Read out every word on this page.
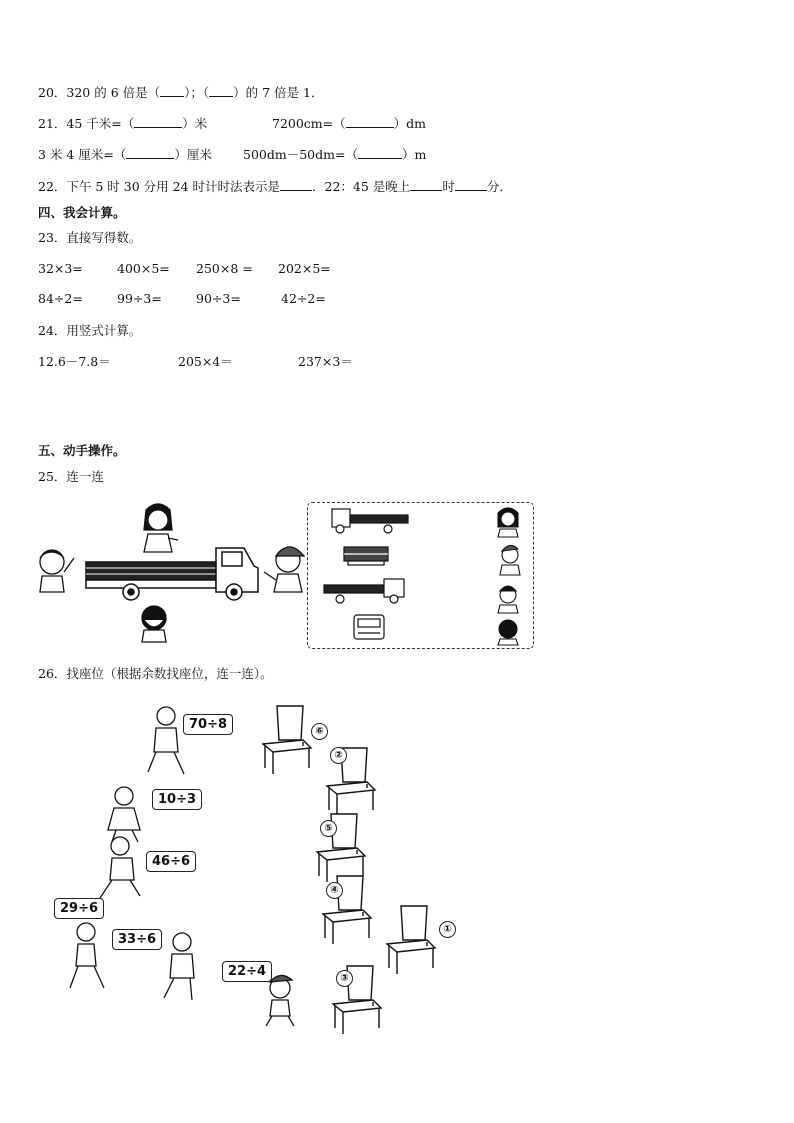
20．320 的 6 倍是（ ）；（ ）的 7 倍是 1．
21．45 千米=（	）米	7200cm=（	）dm
3 米 4 厘米=（	）厘米 500dm－50dm=（	）m
22．下午 5 时 30 分用 24 时计时法表示是	．22：45 是晚上	时	分．
四、我会计算。
23．直接写得数。
32×3=	400×5= 250×8 = 202×5=
84÷2=	99÷3=	90÷3=	42÷2=
24．用竖式计算。
12.6－7.8＝	205×4＝	237×3＝
五、动手操作。
25．连一连
26．找座位（根据余数找座位，连一连）。
70÷8
10÷3
46÷6
29÷6
33÷6
22÷4
⑥
②
⑤
④
①
③
